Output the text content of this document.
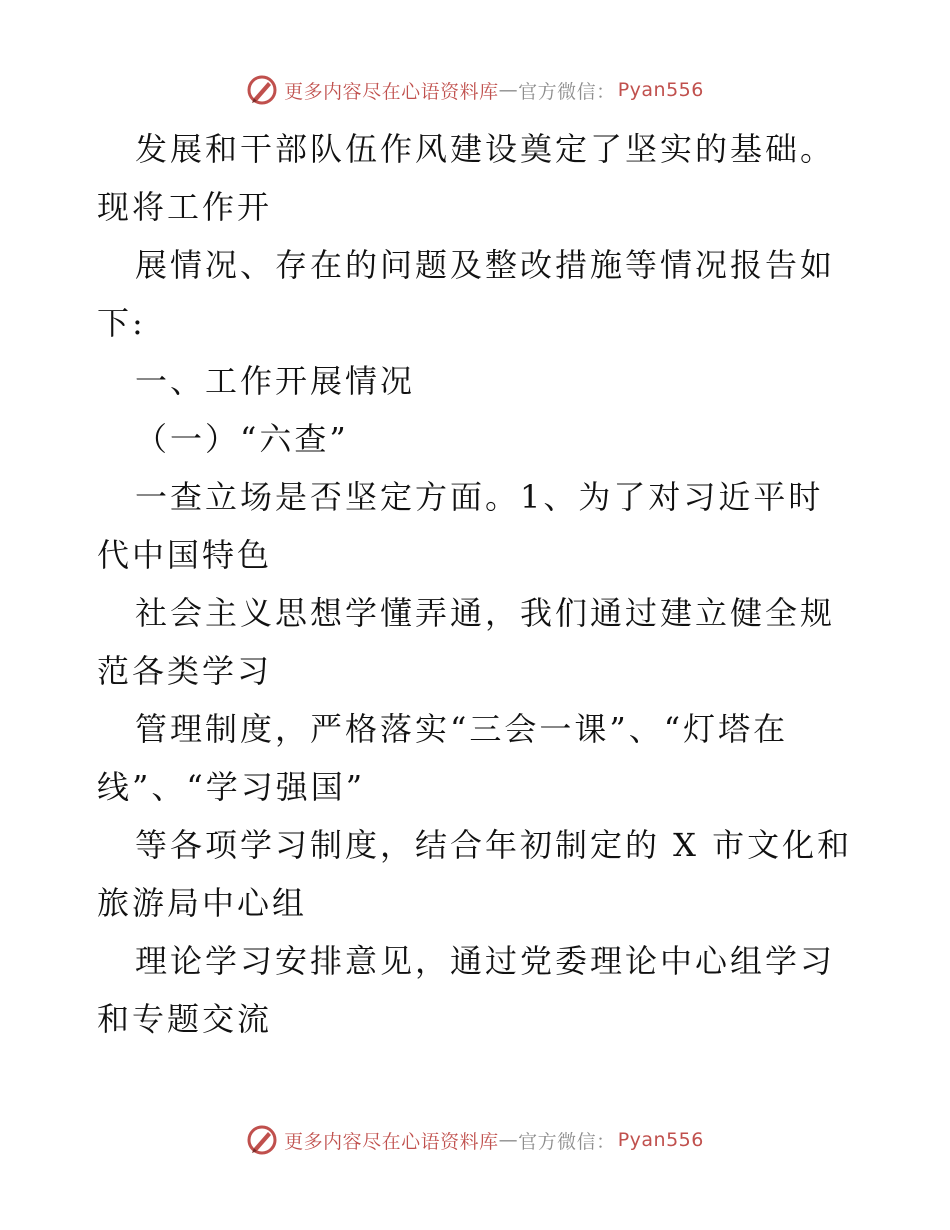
更多内容尽在心语资料库 — 官方微信： Pyan556

发展和干部队伍作风建设奠定了坚实的基础。现将工作开

展情况、存在的问题及整改措施等情况报告如下:

一、工作开展情况

（一）“六查”

一查立场是否坚定方面。1、为了对习近平时代中国特色

社会主义思想学懂弄通，我们通过建立健全规范各类学习

管理制度，严格落实“三会一课”、“灯塔在线”、“学习强国”

等各项学习制度，结合年初制定的 X 市文化和旅游局中心组

理论学习安排意见，通过党委理论中心组学习和专题交流

更多内容尽在心语资料库 — 官方微信： Pyan556
